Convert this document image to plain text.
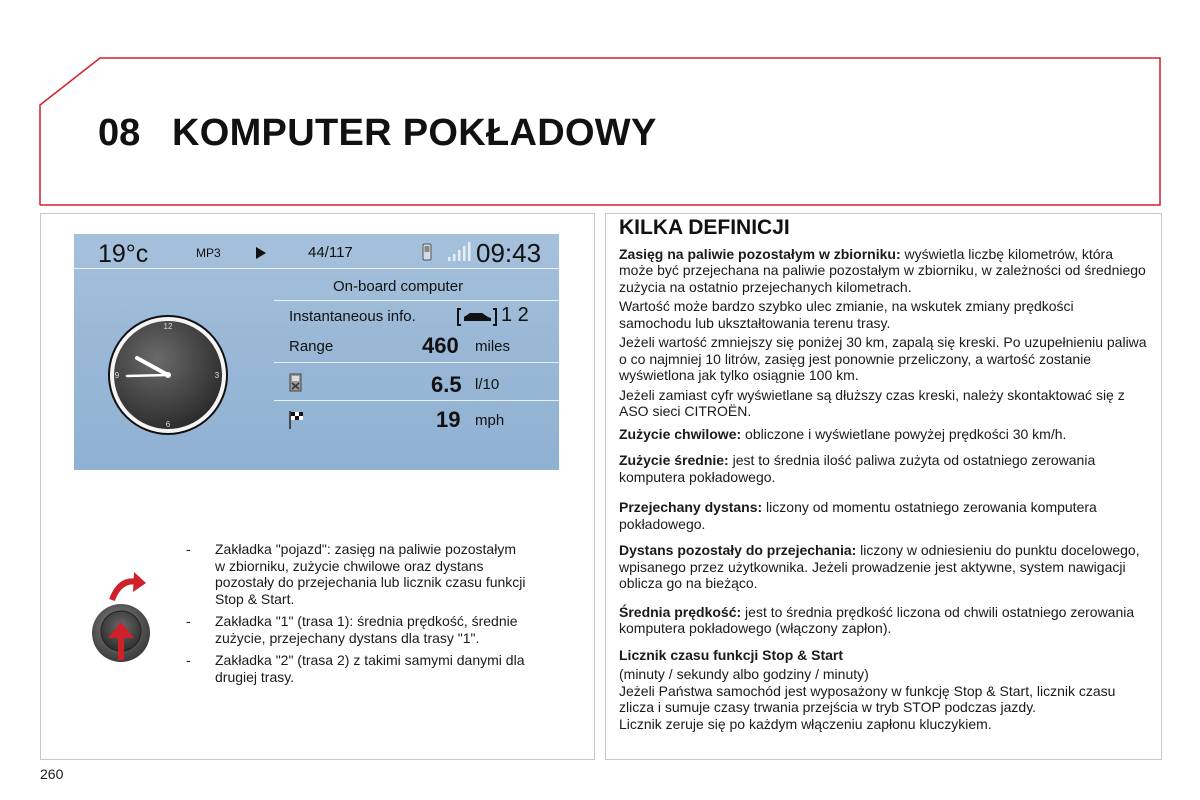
08 KOMPUTER POKŁADOWY
19°c	MP3	44/117	09:43
12
3
6
9
On-board computer
Instantaneous info.	1 2
Range	460 miles
6.5 l/10
19 mph
- Zakładka "pojazd": zasięg na paliwie pozostałym w zbiorniku, zużycie chwilowe oraz dystans pozostały do przejechania lub licznik czasu funkcji Stop & Start.
- Zakładka "1" (trasa 1): średnia prędkość, średnie zużycie, przejechany dystans dla trasy "1".
- Zakładka "2" (trasa 2) z takimi samymi danymi dla drugiej trasy.
KILKA DEFINICJI

Zasięg na paliwie pozostałym w zbiorniku: wyświetla liczbę kilometrów, która może być przejechana na paliwie pozostałym w zbiorniku, w zależności od średniego zużycia na ostatnio przejechanych kilometrach.

Wartość może bardzo szybko ulec zmianie, na wskutek zmiany prędkości samochodu lub ukształtowania terenu trasy.

Jeżeli wartość zmniejszy się poniżej 30 km, zapalą się kreski. Po uzupełnieniu paliwa o co najmniej 10 litrów, zasięg jest ponownie przeliczony, a wartość zostanie wyświetlona jak tylko osiągnie 100 km.

Jeżeli zamiast cyfr wyświetlane są dłuższy czas kreski, należy skontaktować się z ASO sieci CITROËN.

Zużycie chwilowe: obliczone i wyświetlane powyżej prędkości 30 km/h.

Zużycie średnie: jest to średnia ilość paliwa zużyta od ostatniego zerowania komputera pokładowego.

Przejechany dystans: liczony od momentu ostatniego zerowania komputera pokładowego.

Dystans pozostały do przejechania: liczony w odniesieniu do punktu docelowego, wpisanego przez użytkownika. Jeżeli prowadzenie jest aktywne, system nawigacji oblicza go na bieżąco.

Średnia prędkość: jest to średnia prędkość liczona od chwili ostatniego zerowania komputera pokładowego (włączony zapłon).

Licznik czasu funkcji Stop & Start

(minuty / sekundy albo godziny / minuty)

Jeżeli Państwa samochód jest wyposażony w funkcję Stop & Start, licznik czasu zlicza i sumuje czasy trwania przejścia w tryb STOP podczas jazdy.

Licznik zeruje się po każdym włączeniu zapłonu kluczykiem.

260
